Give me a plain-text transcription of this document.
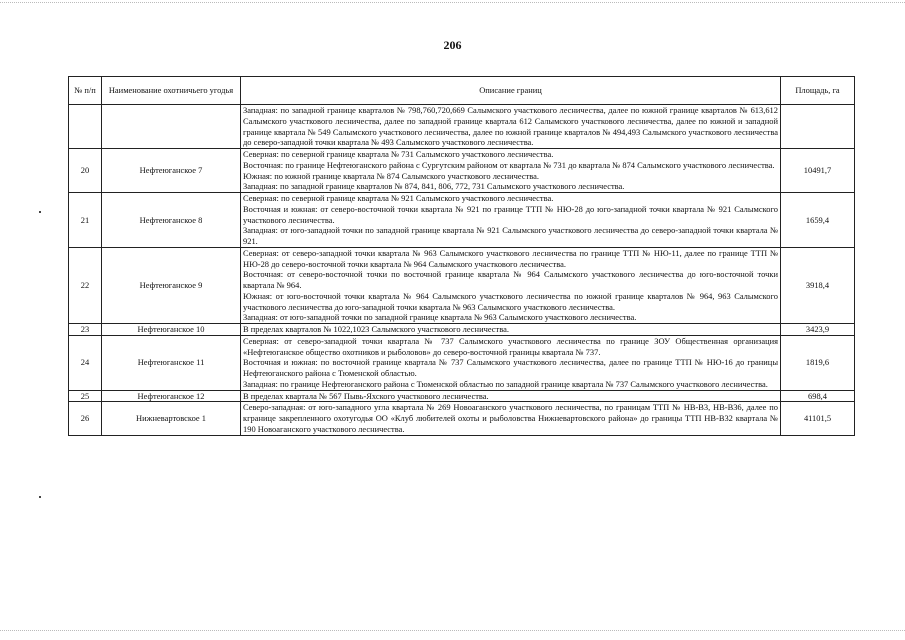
206
№ п/п	Наименование охотничьего угодья	Описание границ	Площадь, га

		Западная: по западной границе кварталов № 798,760,720,669 Салымского участкового лесничества, далее по южной границе кварталов № 613,612 Салымского участкового лесничества, далее по западной границе квартала 612 Салымского участкового лесничества, далее по южной и западной границе квартала № 549 Салымского участкового лесничества, далее по южной границе кварталов № 494,493 Салымского участкового лесничества до северо-западной точки квартала № 493 Салымского участкового лесничества.	

20	Нефтеюганское 7	Северная: по северной границе квартала № 731 Салымского участкового лесничества.
Восточная: по границе Нефтеюганского района с Сургутским районом от квартала № 731 до квартала № 874 Салымского участкового лесничества.
Южная: по южной границе квартала № 874 Салымского участкового лесничества.
Западная: по западной границе кварталов № 874, 841, 806, 772, 731 Салымского участкового лесничества.	10491,7
21	Нефтеюганское 8	Северная: по северной границе квартала № 921 Салымского участкового лесничества.
Восточная и южная: от северо-восточной точки квартала № 921 по границе ТТП № НЮ-28 до юго-западной точки квартала № 921 Салымского участкового лесничества.
Западная: от юго-западной точки по западной границе квартала № 921 Салымского участкового лесничества до северо-западной точки квартала № 921.	1659,4
22	Нефтеюганское 9	Северная: от северо-западной точки квартала № 963 Салымского участкового лесничества по границе ТТП № НЮ-11, далее по границе ТТП № НЮ-28 до северо-восточной точки квартала № 964 Салымского участкового лесничества.
Восточная: от северо-восточной точки по восточной границе квартала № 964 Салымского участкового лесничества до юго-восточной точки квартала № 964.
Южная: от юго-восточной точки квартала № 964 Салымского участкового лесничества по южной границе кварталов № 964, 963 Салымского участкового лесничества до юго-западной точки квартала № 963 Салымского участкового лесничества.
Западная: от юго-западной точки по западной границе квартала № 963 Салымского участкового лесничества.	3918,4
23	Нефтеюганское 10	В пределах кварталов № 1022,1023 Салымского участкового лесничества.	3423,9
24	Нефтеюганское 11	Северная: от северо-западной точки квартала № 737 Салымского участкового лесничества по границе ЗОУ Общественная организация «Нефтеюганское общество охотников и рыболовов» до северо-восточной границы квартала № 737.
Восточная и южная: по восточной границе квартала № 737 Салымского участкового лесничества, далее по границе ТТП № НЮ-16 до границы Нефтеюганского района с Тюменской областью.
Западная: по границе Нефтеюганского района с Тюменской областью по западной границе квартала № 737 Салымского участкового лесничества.	1819,6
25	Нефтеюганское 12	В пределах квартала № 567 Пывь-Яхского участкового лесничества.	698,4
26	Нижневартовское 1	Северо-западная: от юго-западного угла квартала № 269 Новоаганского участкового лесничества, по границам ТТП № НВ-В3, НВ-В36, далее по кгранице закрепленного охотугодья ОО «Клуб любителей охоты и рыболовства Нижневартовского района» до границы ТТП НВ-В32 квартала № 190 Новоаганского участкового лесничества.	41101,5
